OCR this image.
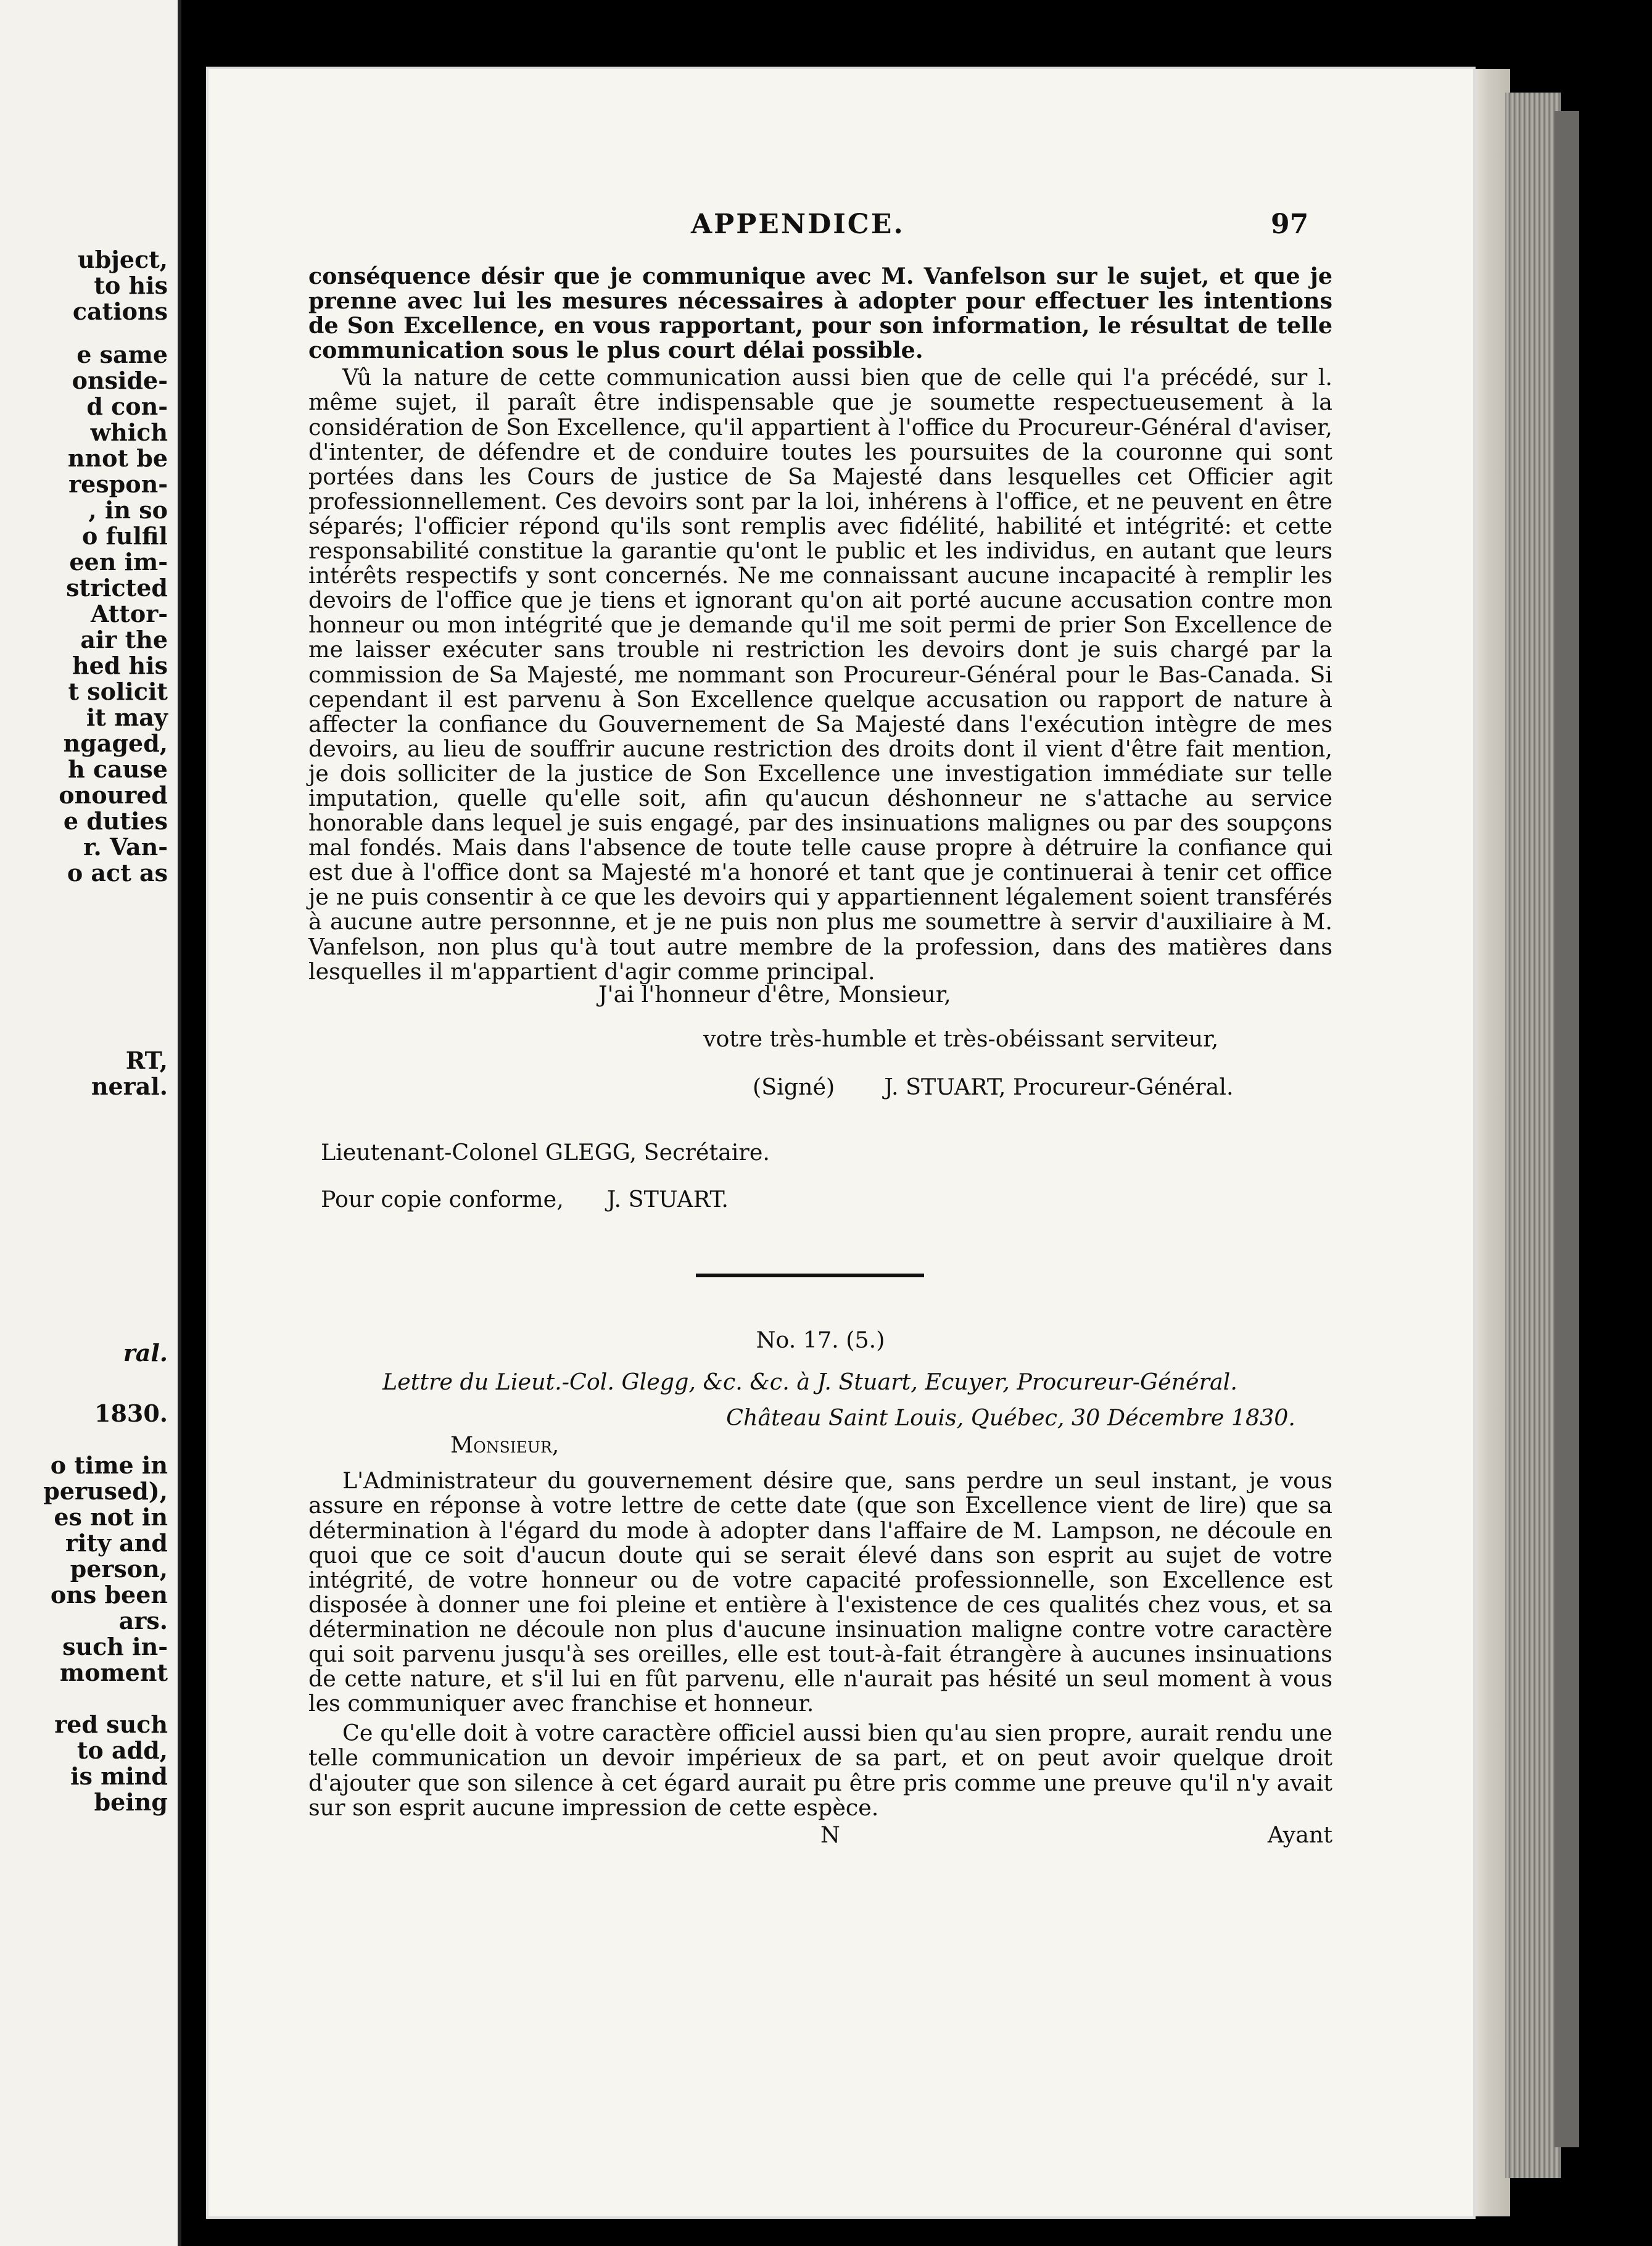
ubject,
to his
cations
e same
onside-
d con-
which
nnot be
respon-
, in so
o fulfil
een im-
stricted
Attor-
air the
hed his
t solicit
it may
ngaged,
h cause
onoured
e duties
r. Van-
o act as
RT,
neral.
ral.
1830.
o time in
perused),
es not in
rity and
person,
ons been
ars.
such in-
moment
red such
to add,
is mind
being
APPENDICE.	97

conséquence désir que je communique avec M. Vanfelson sur le sujet, et que je prenne avec lui les mesures nécessaires à adopter pour effectuer les intentions de Son Excellence, en vous rapportant, pour son information, le résultat de telle communication sous le plus court délai possible.

Vû la nature de cette communication aussi bien que de celle qui l'a précédé, sur l. même sujet, il paraît être indispensable que je soumette respectueusement à la considération de Son Excellence, qu'il appartient à l'office du Procureur-Général d'aviser, d'intenter, de défendre et de conduire toutes les poursuites de la couronne qui sont portées dans les Cours de justice de Sa Majesté dans lesquelles cet Officier agit professionnellement. Ces devoirs sont par la loi, inhérens à l'office, et ne peuvent en être séparés; l'officier répond qu'ils sont remplis avec fidélité, habilité et intégrité: et cette responsabilité constitue la garantie qu'ont le public et les individus, en autant que leurs intérêts respectifs y sont concernés. Ne me connaissant aucune incapacité à remplir les devoirs de l'office que je tiens et ignorant qu'on ait porté aucune accusation contre mon honneur ou mon intégrité que je demande qu'il me soit permi de prier Son Excellence de me laisser exécuter sans trouble ni restriction les devoirs dont je suis chargé par la commission de Sa Majesté, me nommant son Procureur-Général pour le Bas-Canada. Si cependant il est parvenu à Son Excellence quelque accusation ou rapport de nature à affecter la confiance du Gouvernement de Sa Majesté dans l'exécution intègre de mes devoirs, au lieu de souffrir aucune restriction des droits dont il vient d'être fait mention, je dois solliciter de la justice de Son Excellence une investigation immédiate sur telle imputation, quelle qu'elle soit, afin qu'aucun déshonneur ne s'attache au service honorable dans lequel je suis engagé, par des insinuations malignes ou par des soupçons mal fondés. Mais dans l'absence de toute telle cause propre à détruire la confiance qui est due à l'office dont sa Majesté m'a honoré et tant que je continuerai à tenir cet office je ne puis consentir à ce que les devoirs qui y appartiennent légalement soient transférés à aucune autre personnne, et je ne puis non plus me soumettre à servir d'auxiliaire à M. Vanfelson, non plus qu'à tout autre membre de la profession, dans des matières dans lesquelles il m'appartient d'agir comme principal.

J'ai l'honneur d'être, Monsieur,
votre très-humble et très-obéissant serviteur,
(Signé) J. STUART, Procureur-Général.
Lieutenant-Colonel GLEGG, Secrétaire.
Pour copie conforme, J. STUART.
No. 17. (5.)
Lettre du Lieut.-Col. Glegg, &c. &c. à J. Stuart, Ecuyer, Procureur-Général.
Château Saint Louis, Québec, 30 Décembre 1830.
Monsieur,

L'Administrateur du gouvernement désire que, sans perdre un seul instant, je vous assure en réponse à votre lettre de cette date (que son Excellence vient de lire) que sa détermination à l'égard du mode à adopter dans l'affaire de M. Lampson, ne découle en quoi que ce soit d'aucun doute qui se serait élevé dans son esprit au sujet de votre intégrité, de votre honneur ou de votre capacité professionnelle, son Excellence est disposée à donner une foi pleine et entière à l'existence de ces qualités chez vous, et sa détermination ne découle non plus d'aucune insinuation maligne contre votre caractère qui soit parvenu jusqu'à ses oreilles, elle est tout-à-fait étrangère à aucunes insinuations de cette nature, et s'il lui en fût parvenu, elle n'aurait pas hésité un seul moment à vous les communiquer avec franchise et honneur.

Ce qu'elle doit à votre caractère officiel aussi bien qu'au sien propre, aurait rendu une telle communication un devoir impérieux de sa part, et on peut avoir quelque droit d'ajouter que son silence à cet égard aurait pu être pris comme une preuve qu'il n'y avait sur son esprit aucune impression de cette espèce.

N	Ayant
